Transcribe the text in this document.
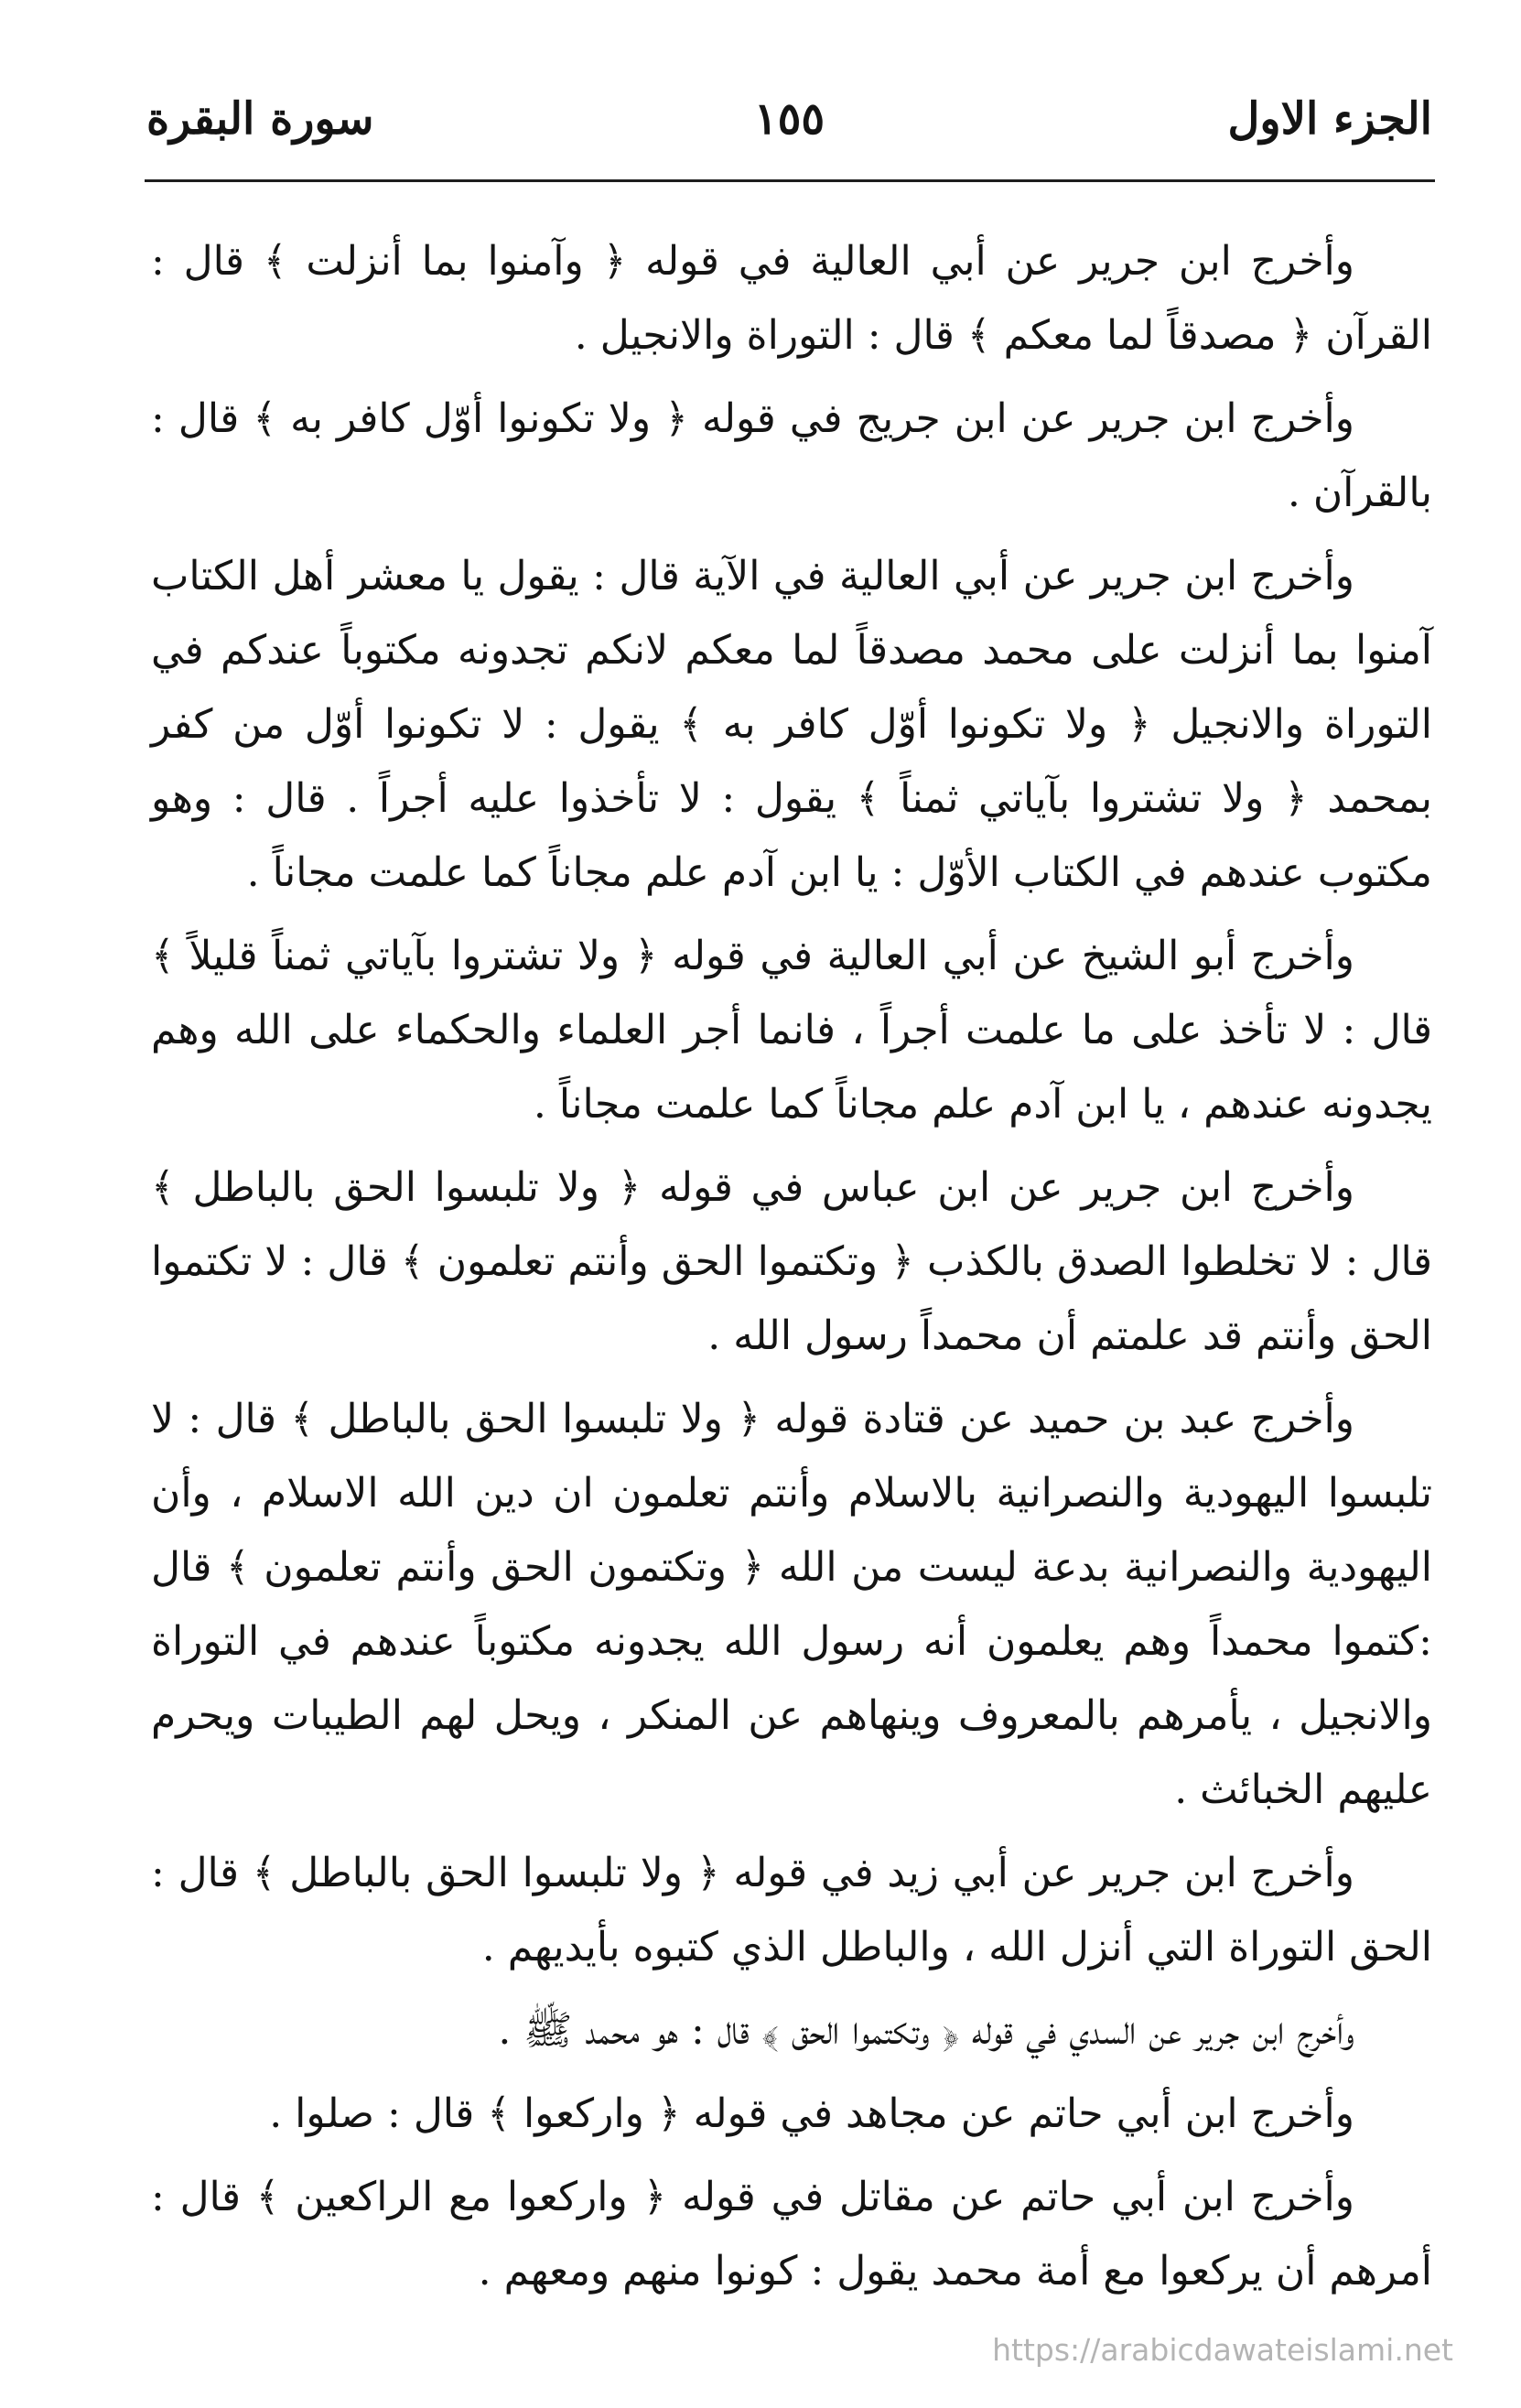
الجزء الاول
١٥٥
سورة البقرة

وأخرج ابن جرير عن أبي العالية في قوله ﴿ وآمنوا بما أنزلت ﴾ قال : القرآن ﴿ مصدقاً لما معكم ﴾ قال : التوراة والانجيل .

وأخرج ابن جرير عن ابن جريج في قوله ﴿ ولا تكونوا أوّل كافر به ﴾ قال : بالقرآن .

وأخرج ابن جرير عن أبي العالية في الآية قال : يقول يا معشر أهل الكتاب آمنوا بما أنزلت على محمد مصدقاً لما معكم لانكم تجدونه مكتوباً عندكم في التوراة والانجيل ﴿ ولا تكونوا أوّل كافر به ﴾ يقول : لا تكونوا أوّل من كفر بمحمد ﴿ ولا تشتروا بآياتي ثمناً ﴾ يقول : لا تأخذوا عليه أجراً . قال : وهو مكتوب عندهم في الكتاب الأوّل : يا ابن آدم علم مجاناً كما علمت مجاناً .

وأخرج أبو الشيخ عن أبي العالية في قوله ﴿ ولا تشتروا بآياتي ثمناً قليلاً ﴾ قال : لا تأخذ على ما علمت أجراً ، فانما أجر العلماء والحكماء على الله وهم يجدونه عندهم ، يا ابن آدم علم مجاناً كما علمت مجاناً .

وأخرج ابن جرير عن ابن عباس في قوله ﴿ ولا تلبسوا الحق بالباطل ﴾ قال : لا تخلطوا الصدق بالكذب ﴿ وتكتموا الحق وأنتم تعلمون ﴾ قال : لا تكتموا الحق وأنتم قد علمتم أن محمداً رسول الله .

وأخرج عبد بن حميد عن قتادة قوله ﴿ ولا تلبسوا الحق بالباطل ﴾ قال : لا تلبسوا اليهودية والنصرانية بالاسلام وأنتم تعلمون ان دين الله الاسلام ، وأن اليهودية والنصرانية بدعة ليست من الله ﴿ وتكتمون الحق وأنتم تعلمون ﴾ قال :كتموا محمداً وهم يعلمون أنه رسول الله يجدونه مكتوباً عندهم في التوراة والانجيل ، يأمرهم بالمعروف وينهاهم عن المنكر ، ويحل لهم الطيبات ويحرم عليهم الخبائث .

وأخرج ابن جرير عن أبي زيد في قوله ﴿ ولا تلبسوا الحق بالباطل ﴾ قال : الحق التوراة التي أنزل الله ، والباطل الذي كتبوه بأيديهم .

وأخرج ابن جرير عن السدي في قوله ﴿ وتكتموا الحق ﴾ قال : هو محمد ﷺ .

وأخرج ابن أبي حاتم عن مجاهد في قوله ﴿ واركعوا ﴾ قال : صلوا .

وأخرج ابن أبي حاتم عن مقاتل في قوله ﴿ واركعوا مع الراكعين ﴾ قال : أمرهم أن يركعوا مع أمة محمد يقول : كونوا منهم ومعهم .

https://arabicdawateislami.net
